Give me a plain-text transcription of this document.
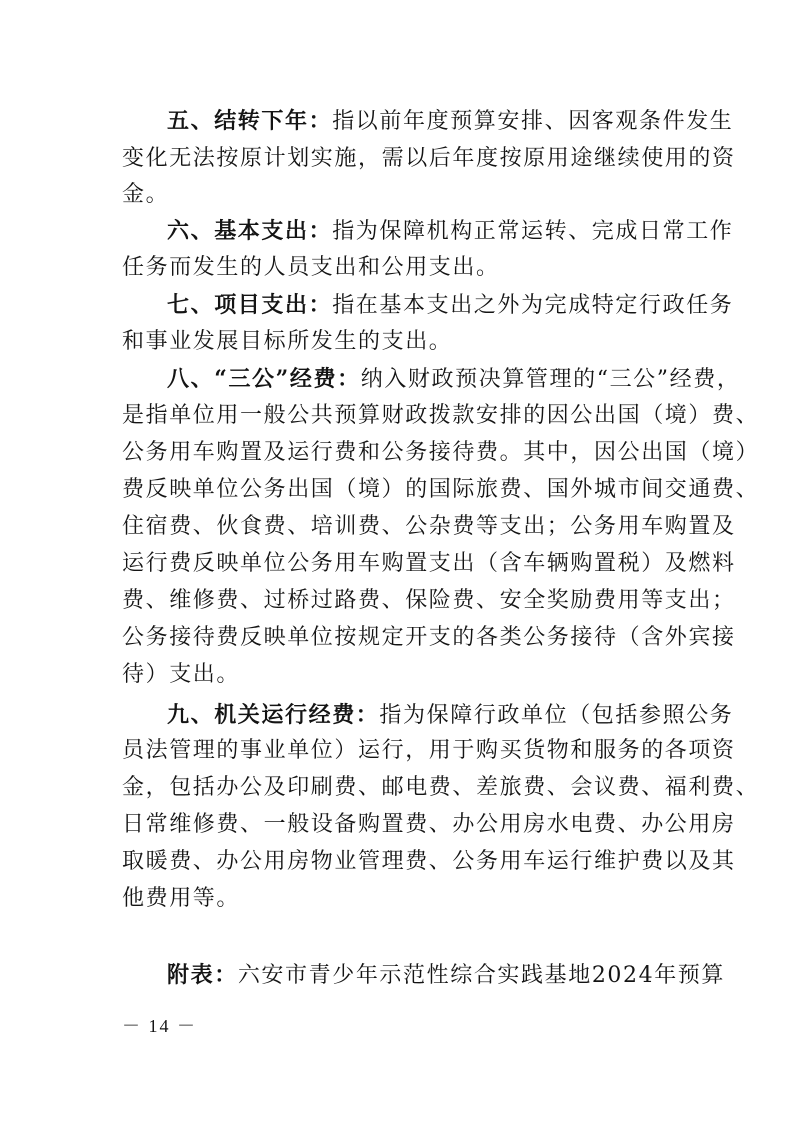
五、结转下年：指以前年度预算安排、因客观条件发生
变化无法按原计划实施，需以后年度按原用途继续使用的资
金。
六、基本支出：指为保障机构正常运转、完成日常工作
任务而发生的人员支出和公用支出。
七、项目支出：指在基本支出之外为完成特定行政任务
和事业发展目标所发生的支出。
八、“三公”经费：纳入财政预决算管理的“三公”经费，
是指单位用一般公共预算财政拨款安排的因公出国（境）费、
公务用车购置及运行费和公务接待费。其中，因公出国（境）
费反映单位公务出国（境）的国际旅费、国外城市间交通费、
住宿费、伙食费、培训费、公杂费等支出；公务用车购置及
运行费反映单位公务用车购置支出（含车辆购置税）及燃料
费、维修费、过桥过路费、保险费、安全奖励费用等支出；
公务接待费反映单位按规定开支的各类公务接待（含外宾接
待）支出。
九、机关运行经费：指为保障行政单位（包括参照公务
员法管理的事业单位）运行，用于购买货物和服务的各项资
金，包括办公及印刷费、邮电费、差旅费、会议费、福利费、
日常维修费、一般设备购置费、办公用房水电费、办公用房
取暖费、办公用房物业管理费、公务用车运行维护费以及其
他费用等。
附表：六安市青少年示范性综合实践基地2024年预算
－ 14 －
